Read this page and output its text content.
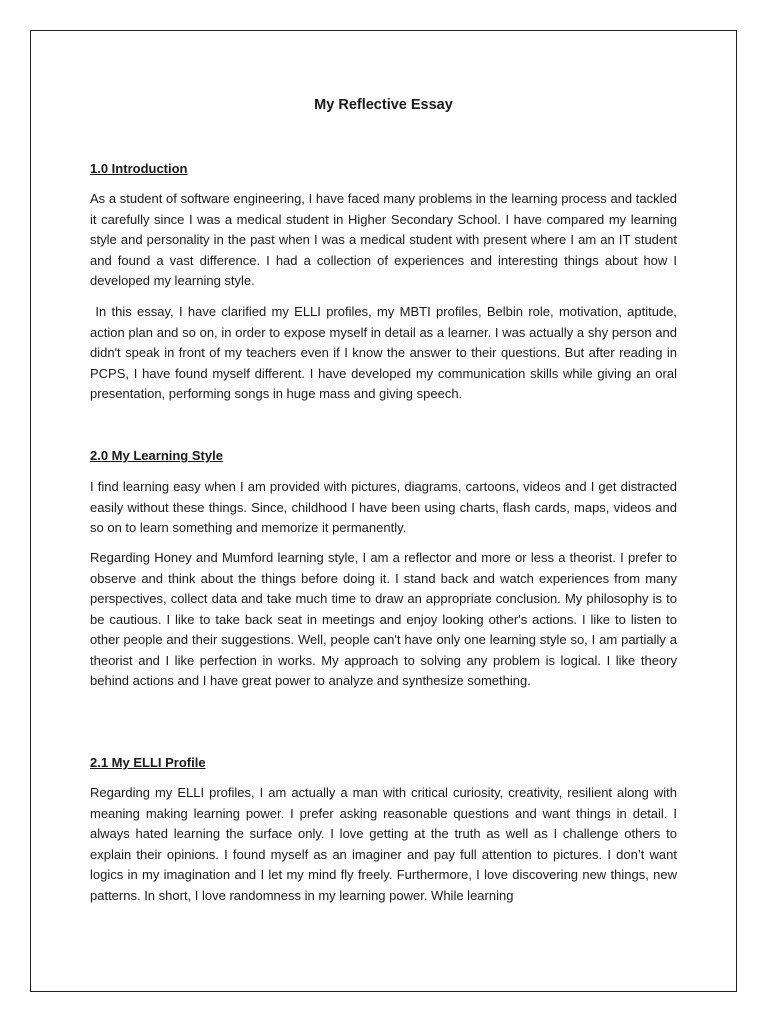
My Reflective Essay
1.0 Introduction

As a student of software engineering, I have faced many problems in the learning process and tackled it carefully since I was a medical student in Higher Secondary School. I have compared my learning style and personality in the past when I was a medical student with present where I am an IT student and found a vast difference. I had a collection of experiences and interesting things about how I developed my learning style.

In this essay, I have clarified my ELLI profiles, my MBTI profiles, Belbin role, motivation, aptitude, action plan and so on, in order to expose myself in detail as a learner. I was actually a shy person and didn't speak in front of my teachers even if I know the answer to their questions. But after reading in PCPS, I have found myself different. I have developed my communication skills while giving an oral presentation, performing songs in huge mass and giving speech.

2.0 My Learning Style

I find learning easy when I am provided with pictures, diagrams, cartoons, videos and I get distracted easily without these things. Since, childhood I have been using charts, flash cards, maps, videos and so on to learn something and memorize it permanently.

Regarding Honey and Mumford learning style, I am a reflector and more or less a theorist. I prefer to observe and think about the things before doing it. I stand back and watch experiences from many perspectives, collect data and take much time to draw an appropriate conclusion. My philosophy is to be cautious. I like to take back seat in meetings and enjoy looking other's actions. I like to listen to other people and their suggestions. Well, people can't have only one learning style so, I am partially a theorist and I like perfection in works. My approach to solving any problem is logical. I like theory behind actions and I have great power to analyze and synthesize something.

2.1 My ELLI Profile

Regarding my ELLI profiles, I am actually a man with critical curiosity, creativity, resilient along with meaning making learning power. I prefer asking reasonable questions and want things in detail. I always hated learning the surface only. I love getting at the truth as well as I challenge others to explain their opinions. I found myself as an imaginer and pay full attention to pictures. I don’t want logics in my imagination and I let my mind fly freely. Furthermore, I love discovering new things, new patterns. In short, I love randomness in my learning power. While learning
